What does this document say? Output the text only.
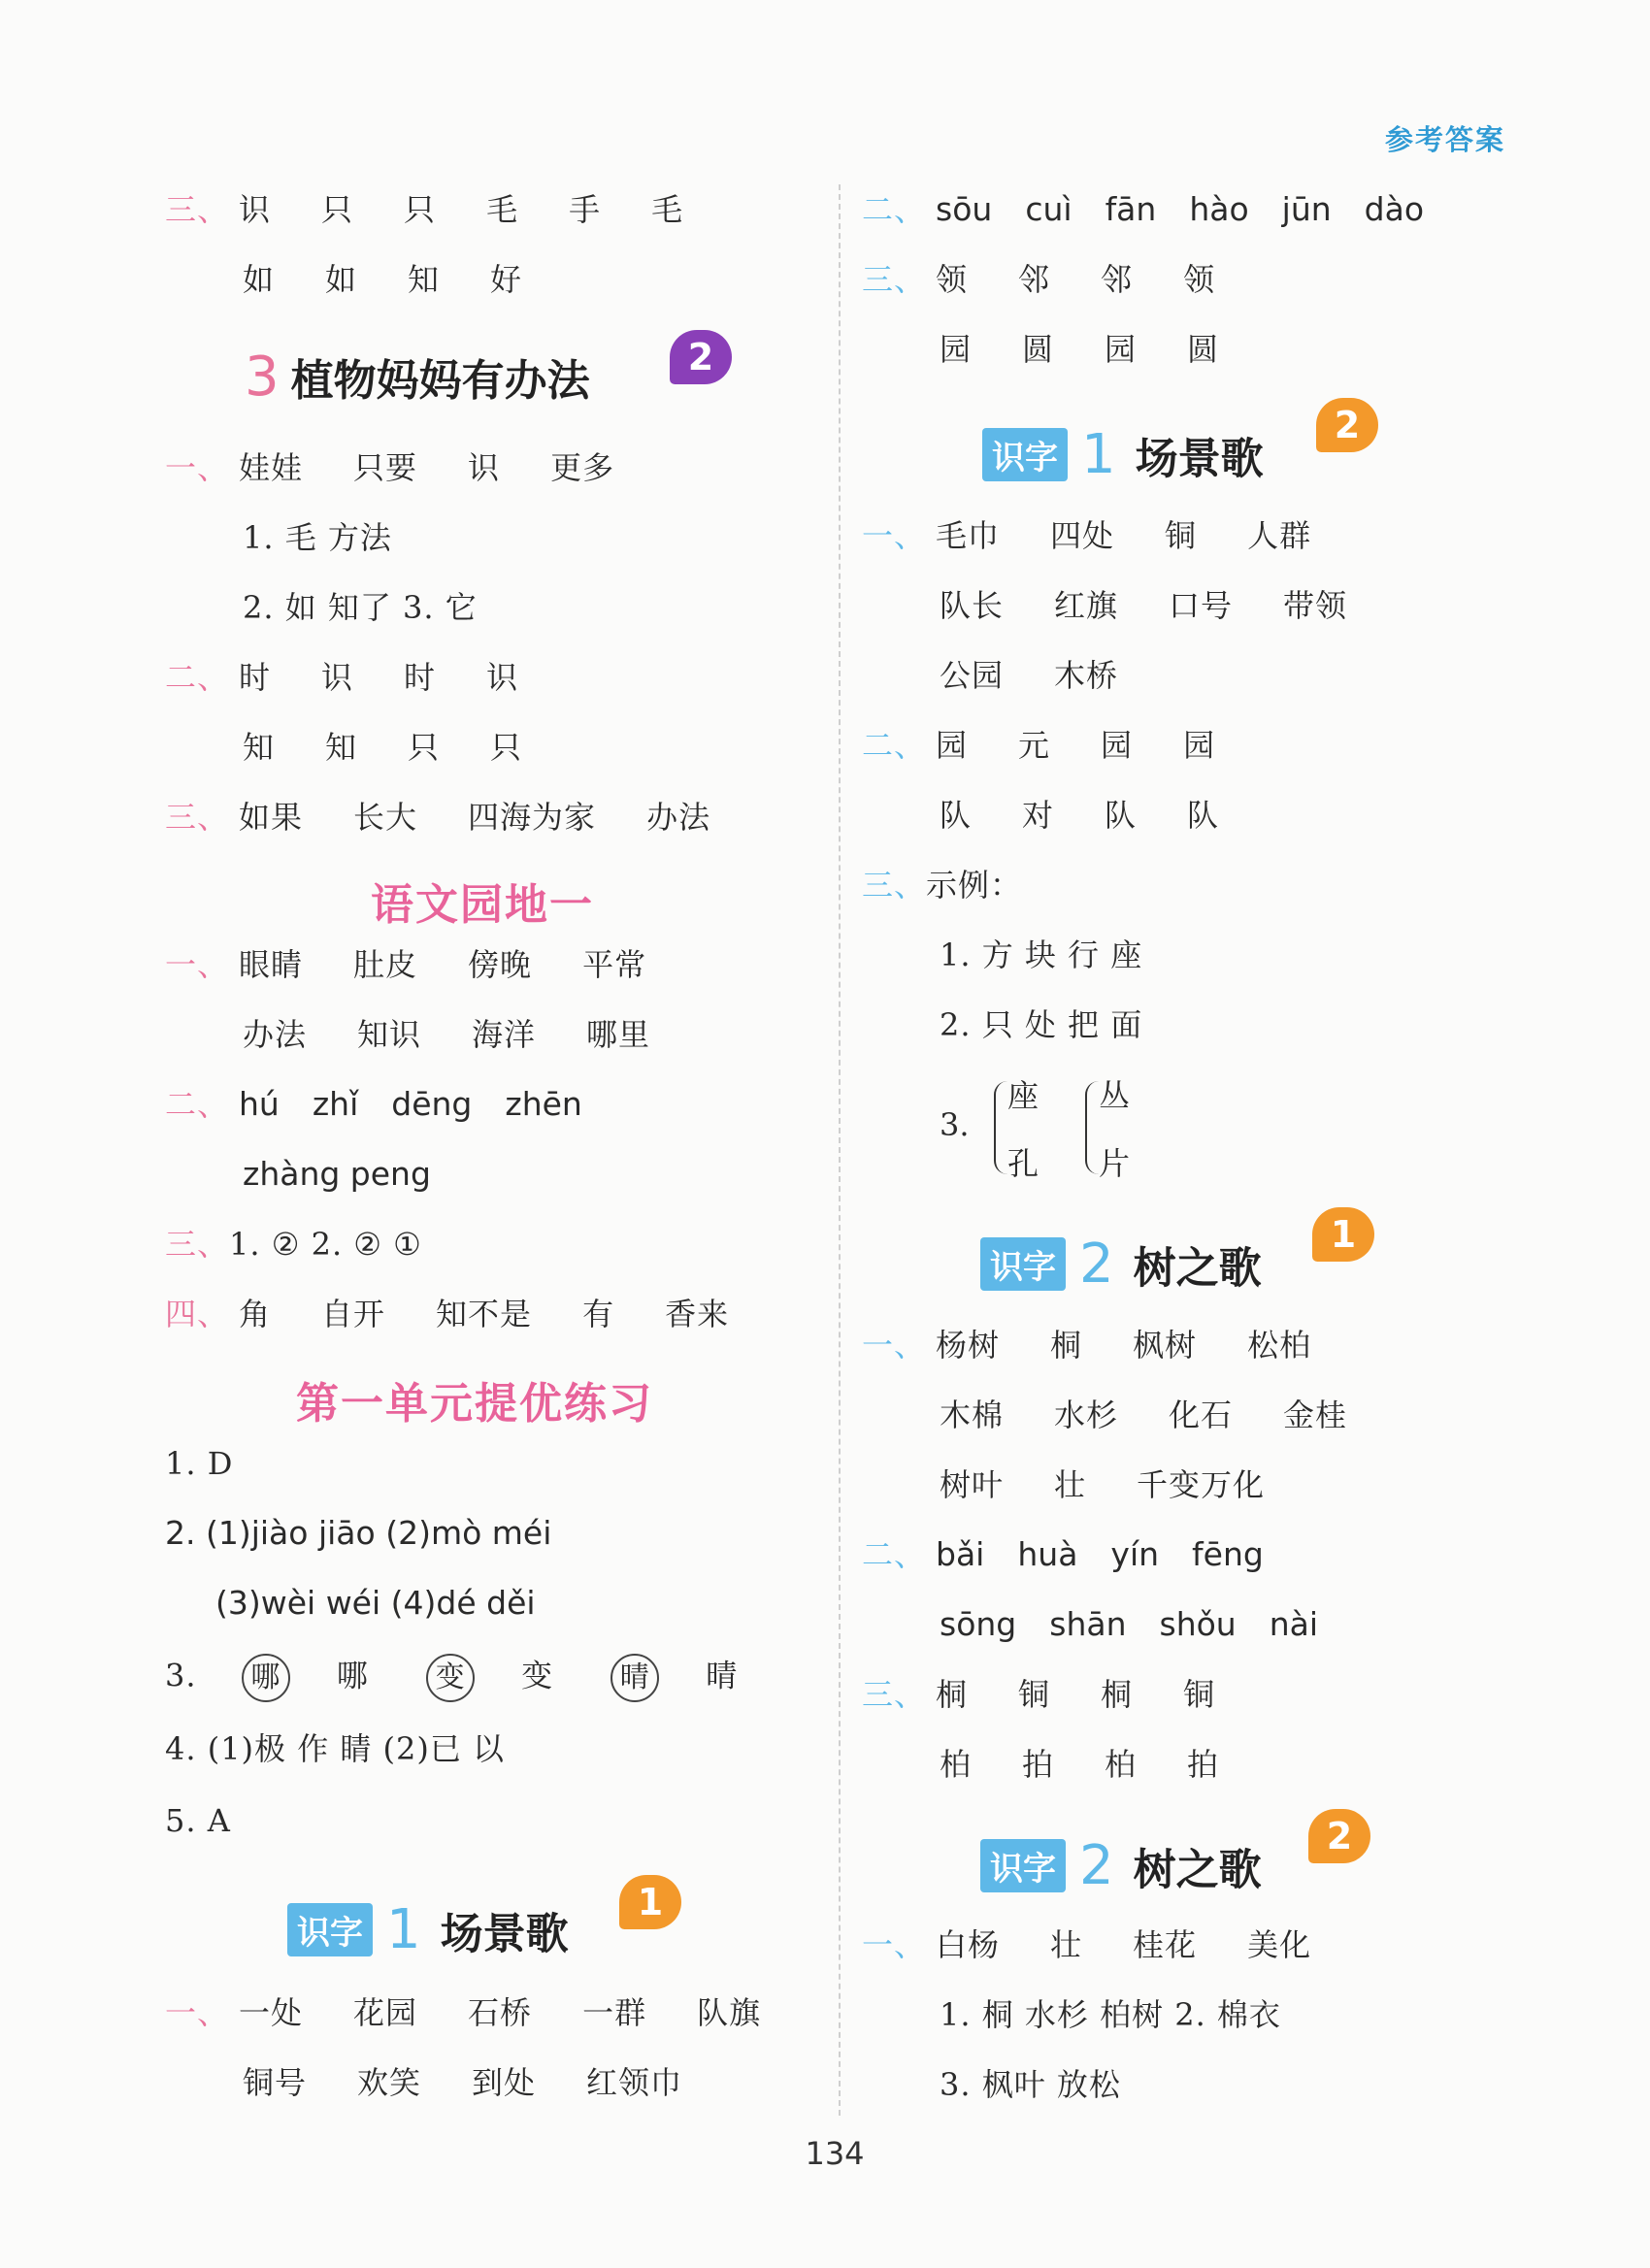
参考答案
三、 识 只 只 毛 手 毛
如 如 知 好
3 植物妈妈有办法	2
一、 娃娃 只要 识 更多
1. 毛 方法
2. 如 知了 3. 它
二、 时 识 时 识
知 知 只 只
三、 如果 长大 四海为家 办法
语文园地一
一、 眼睛 肚皮 傍晚 平常
办法 知识 海洋 哪里
二、 hú zhǐ dēng zhēn
zhàng peng
三、1. ② 2. ② ①
四、 角 自开 知不是 有 香来
第一单元提优练习
1. D
2. (1)jiào jiāo (2)mò méi
(3)wèi wéi (4)dé děi
3. 哪 哪 变 变 晴 晴
4. (1)极 作 睛 (2)已 以
5. A
识字 1 场景歌
1
一、 一处 花园 石桥 一群 队旗
铜号 欢笑 到处 红领巾
二、 sōu cuì fān hào jūn dào
三、 领 邻 邻 领
园 圆 园 圆
识字 1 场景歌
2
一、 毛巾 四处 铜 人群
队长 红旗 口号 带领
公园 木桥
二、 园 元 园 园
队 对 队 队
三、示例：
1. 方 块 行 座
2. 只 处 把 面
3.
座
孔
丛
片
识字 2 树之歌
1
一、 杨树 桐 枫树 松柏
木棉 水杉 化石 金桂
树叶 壮 千变万化
二、 bǎi huà yín fēng
sōng shān shǒu nài
三、 桐 铜 桐 铜
柏 拍 柏 拍
识字 2 树之歌
2
一、 白杨 壮 桂花 美化
1. 桐 水杉 柏树 2. 棉衣
3. 枫叶 放松
134
